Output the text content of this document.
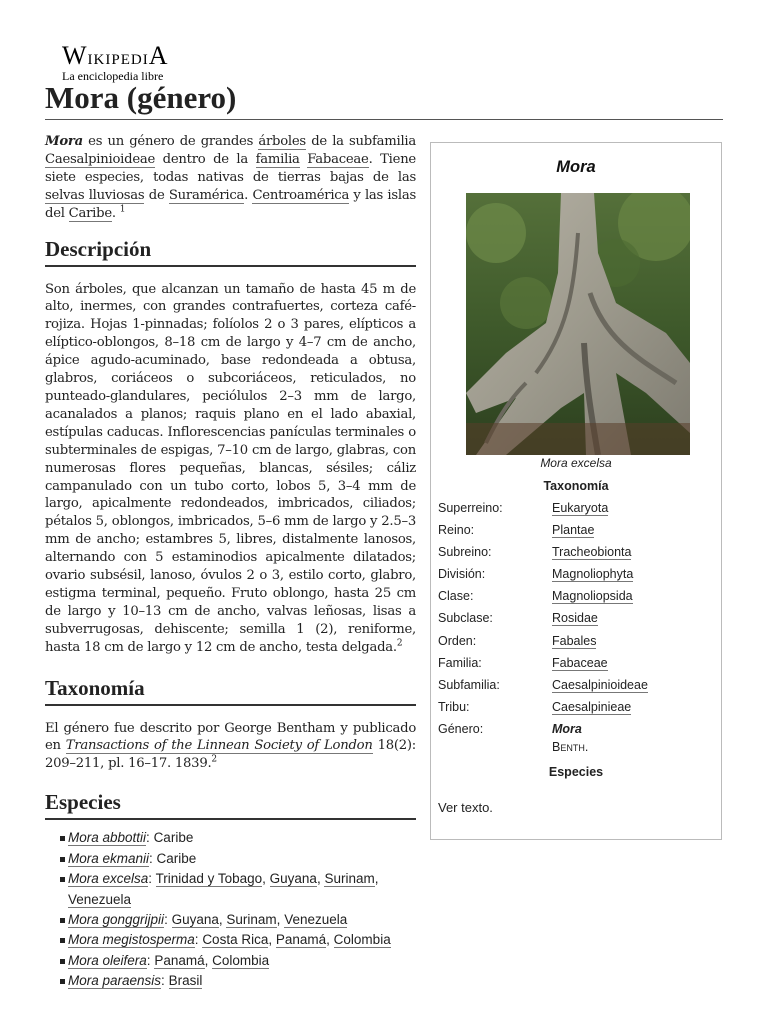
WikipediA
La enciclopedia libre
Mora (género)

Mora es un género de grandes árboles de la subfamilia Caesalpinioideae dentro de la familia Fabaceae. Tiene siete especies, todas nativas de tierras bajas de las selvas lluviosas de Suramérica. Centroamérica y las islas del Caribe. $^1$

Descripción

Son árboles, que alcanzan un tamaño de hasta 45 m de alto, inermes, con grandes contrafuertes, corteza café-rojiza. Hojas 1-pinnadas; folíolos 2 o 3 pares, elípticos a elíptico-oblongos, 8–18 cm de largo y 4–7 cm de ancho, ápice agudo-acuminado, base redondeada a obtusa, glabros, coriáceos o subcoriáceos, reticulados, no punteado-glandulares, peciólulos 2–3 mm de largo, acanalados a planos; raquis plano en el lado abaxial, estípulas caducas. Inflorescencias panículas terminales o subterminales de espigas, 7–10 cm de largo, glabras, con numerosas flores pequeñas, blancas, sésiles; cáliz campanulado con un tubo corto, lobos 5, 3–4 mm de largo, apicalmente redondeados, imbricados, ciliados; pétalos 5, oblongos, imbricados, 5–6 mm de largo y 2.5–3 mm de ancho; estambres 5, libres, distalmente lanosos, alternando con 5 estaminodios apicalmente dilatados; ovario subsésil, lanoso, óvulos 2 o 3, estilo corto, glabro, estigma terminal, pequeño. Fruto oblongo, hasta 25 cm de largo y 10–13 cm de ancho, valvas leñosas, lisas a subverrugosas, dehiscente; semilla 1 (2), reniforme, hasta 18 cm de largo y 12 cm de ancho, testa delgada.$^2$

Taxonomía

El género fue descrito por George Bentham y publicado en Transactions of the Linnean Society of London 18(2): 209–211, pl. 16–17. 1839.$^2$

Especies
Mora abbottii: Caribe
Mora ekmanii: Caribe
Mora excelsa: Trinidad y Tobago, Guyana, Surinam, Venezuela
Mora gonggrijpii: Guyana, Surinam, Venezuela
Mora megistosperma: Costa Rica, Panamá, Colombia
Mora oleifera: Panamá, Colombia
Mora paraensis: Brasil
Mora
Mora excelsa
Taxonomía
Superreino:	Eukaryota
Reino:	Plantae
Subreino:	Tracheobionta
División:	Magnoliophyta
Clase:	Magnoliopsida
Subclase:	Rosidae
Orden:	Fabales
Familia:	Fabaceae
Subfamilia:	Caesalpinioideae
Tribu:	Caesalpinieae
Género:	Mora
Benth.
Especies
Ver texto.
